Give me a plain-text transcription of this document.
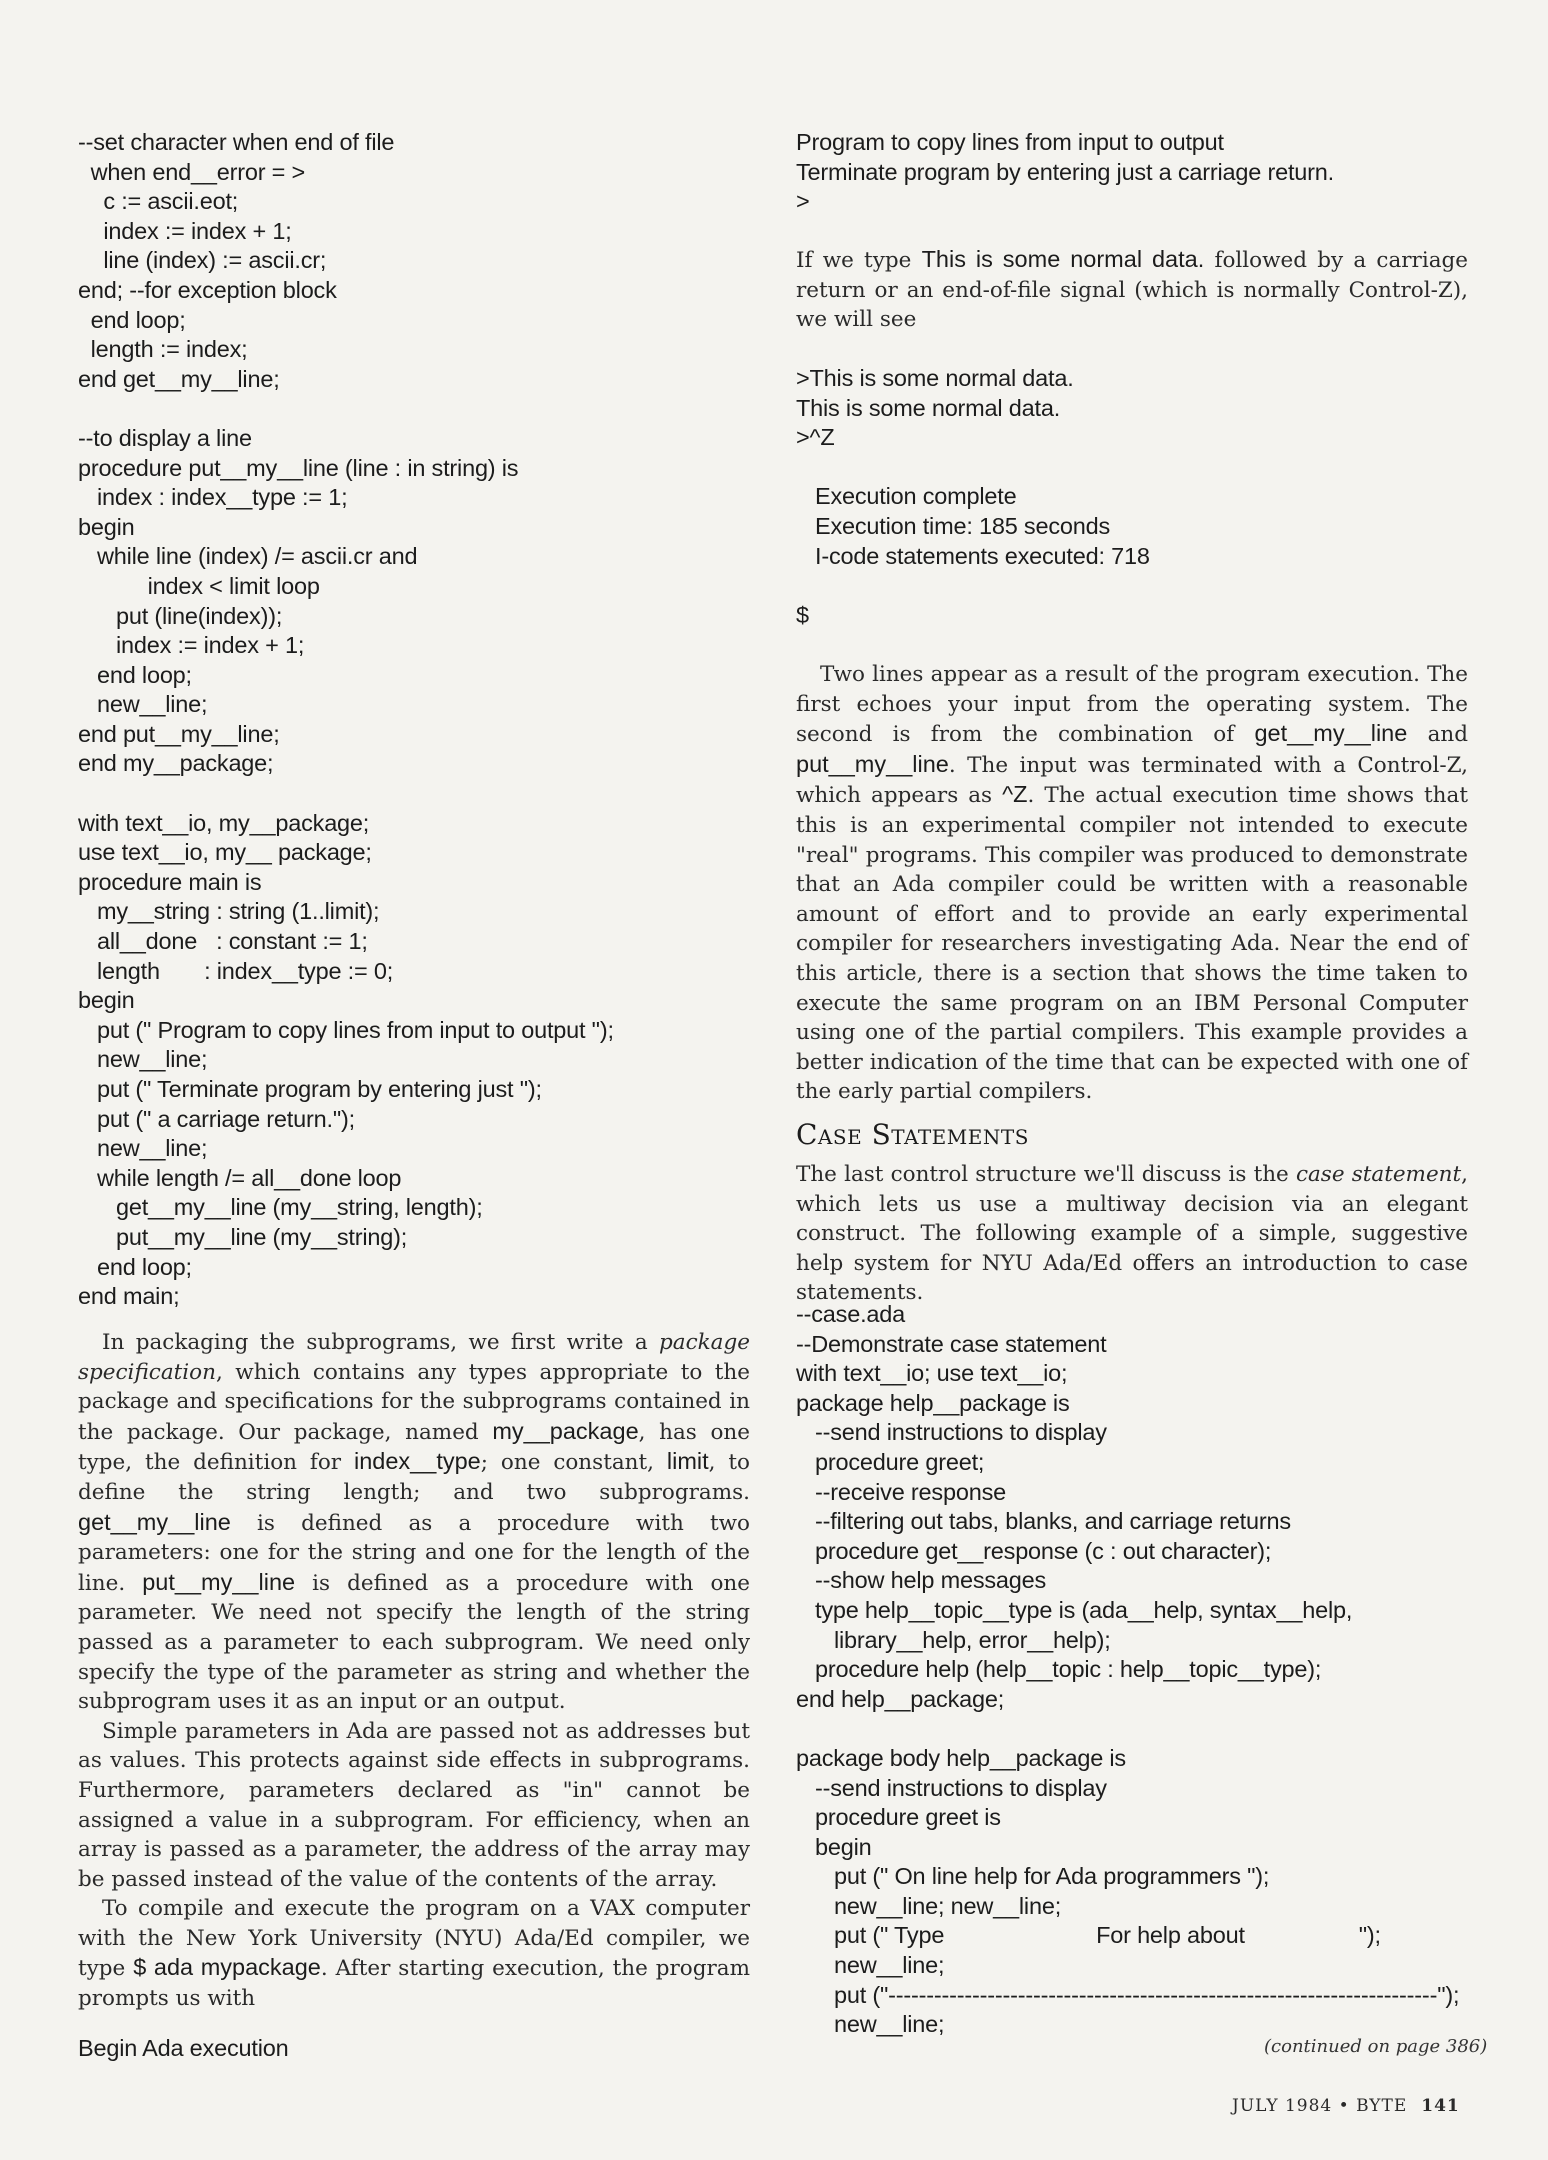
--set character when end of file
when end__error = >
c := ascii.eot;
index := index + 1;
line (index) := ascii.cr;
end; --for exception block
end loop;
length := index;
end get__my__line;

--to display a line
procedure put__my__line (line : in string) is
index : index__type := 1;
begin
while line (index) /= ascii.cr and
index < limit loop
put (line(index));
index := index + 1;
end loop;
new__line;
end put__my__line;
end my__package;

with text__io, my__package;
use text__io, my__ package;
procedure main is
my__string : string (1..limit);
all__done   : constant := 1;
length       : index__type := 0;
begin
put (" Program to copy lines from input to output ");
new__line;
put (" Terminate program by entering just ");
put (" a carriage return.");
new__line;
while length /= all__done loop
get__my__line (my__string, length);
put__my__line (my__string);
end loop;
end main;

In packaging the subprograms, we first write a package specification, which contains any types appropriate to the package and specifications for the subprograms contained in the package. Our package, named my__package, has one type, the definition for index__type; one constant, limit, to define the string length; and two subprograms. get__my__line is defined as a procedure with two parameters: one for the string and one for the length of the line. put__my__line is defined as a procedure with one parameter. We need not specify the length of the string passed as a parameter to each subprogram. We need only specify the type of the parameter as string and whether the subprogram uses it as an input or an output.

Simple parameters in Ada are passed not as addresses but as values. This protects against side effects in subprograms. Furthermore, parameters declared as "in" cannot be assigned a value in a subprogram. For efficiency, when an array is passed as a parameter, the address of the array may be passed instead of the value of the contents of the array.

To compile and execute the program on a VAX computer with the New York University (NYU) Ada/Ed compiler, we type $ ada mypackage. After starting execution, the program prompts us with

Begin Ada execution
Program to copy lines from input to output
Terminate program by entering just a carriage return.
>

If we type This is some normal data. followed by a carriage return or an end-of-file signal (which is normally Control-Z), we will see

>This is some normal data.
This is some normal data.
>^Z

Execution complete
Execution time: 185 seconds
I-code statements executed: 718

$

Two lines appear as a result of the program execution. The first echoes your input from the operating system. The second is from the combination of get__my__line and put__my__line. The input was terminated with a Control-Z, which appears as ^Z. The actual execution time shows that this is an experimental compiler not intended to execute "real" programs. This compiler was produced to demonstrate that an Ada compiler could be written with a reasonable amount of effort and to provide an early experimental compiler for researchers investigating Ada. Near the end of this article, there is a section that shows the time taken to execute the same program on an IBM Personal Computer using one of the partial compilers. This example provides a better indication of the time that can be expected with one of the early partial compilers.

Case Statements

The last control structure we'll discuss is the case statement, which lets us use a multiway decision via an elegant construct. The following example of a simple, suggestive help system for NYU Ada/Ed offers an introduction to case statements.

--case.ada
--Demonstrate case statement
with text__io; use text__io;
package help__package is
--send instructions to display
procedure greet;
--receive response
--filtering out tabs, blanks, and carriage returns
procedure get__response (c : out character);
--show help messages
type help__topic__type is (ada__help, syntax__help,
library__help, error__help);
procedure help (help__topic : help__topic__type);
end help__package;

package body help__package is
--send instructions to display
procedure greet is
begin
put (" On line help for Ada programmers ");
new__line; new__line;
put (" Type                        For help about                  ");
new__line;
put ("------------------------------------------------------------------------");
new__line;
(continued on page 386)
JULY 1984 • BYTE 141
